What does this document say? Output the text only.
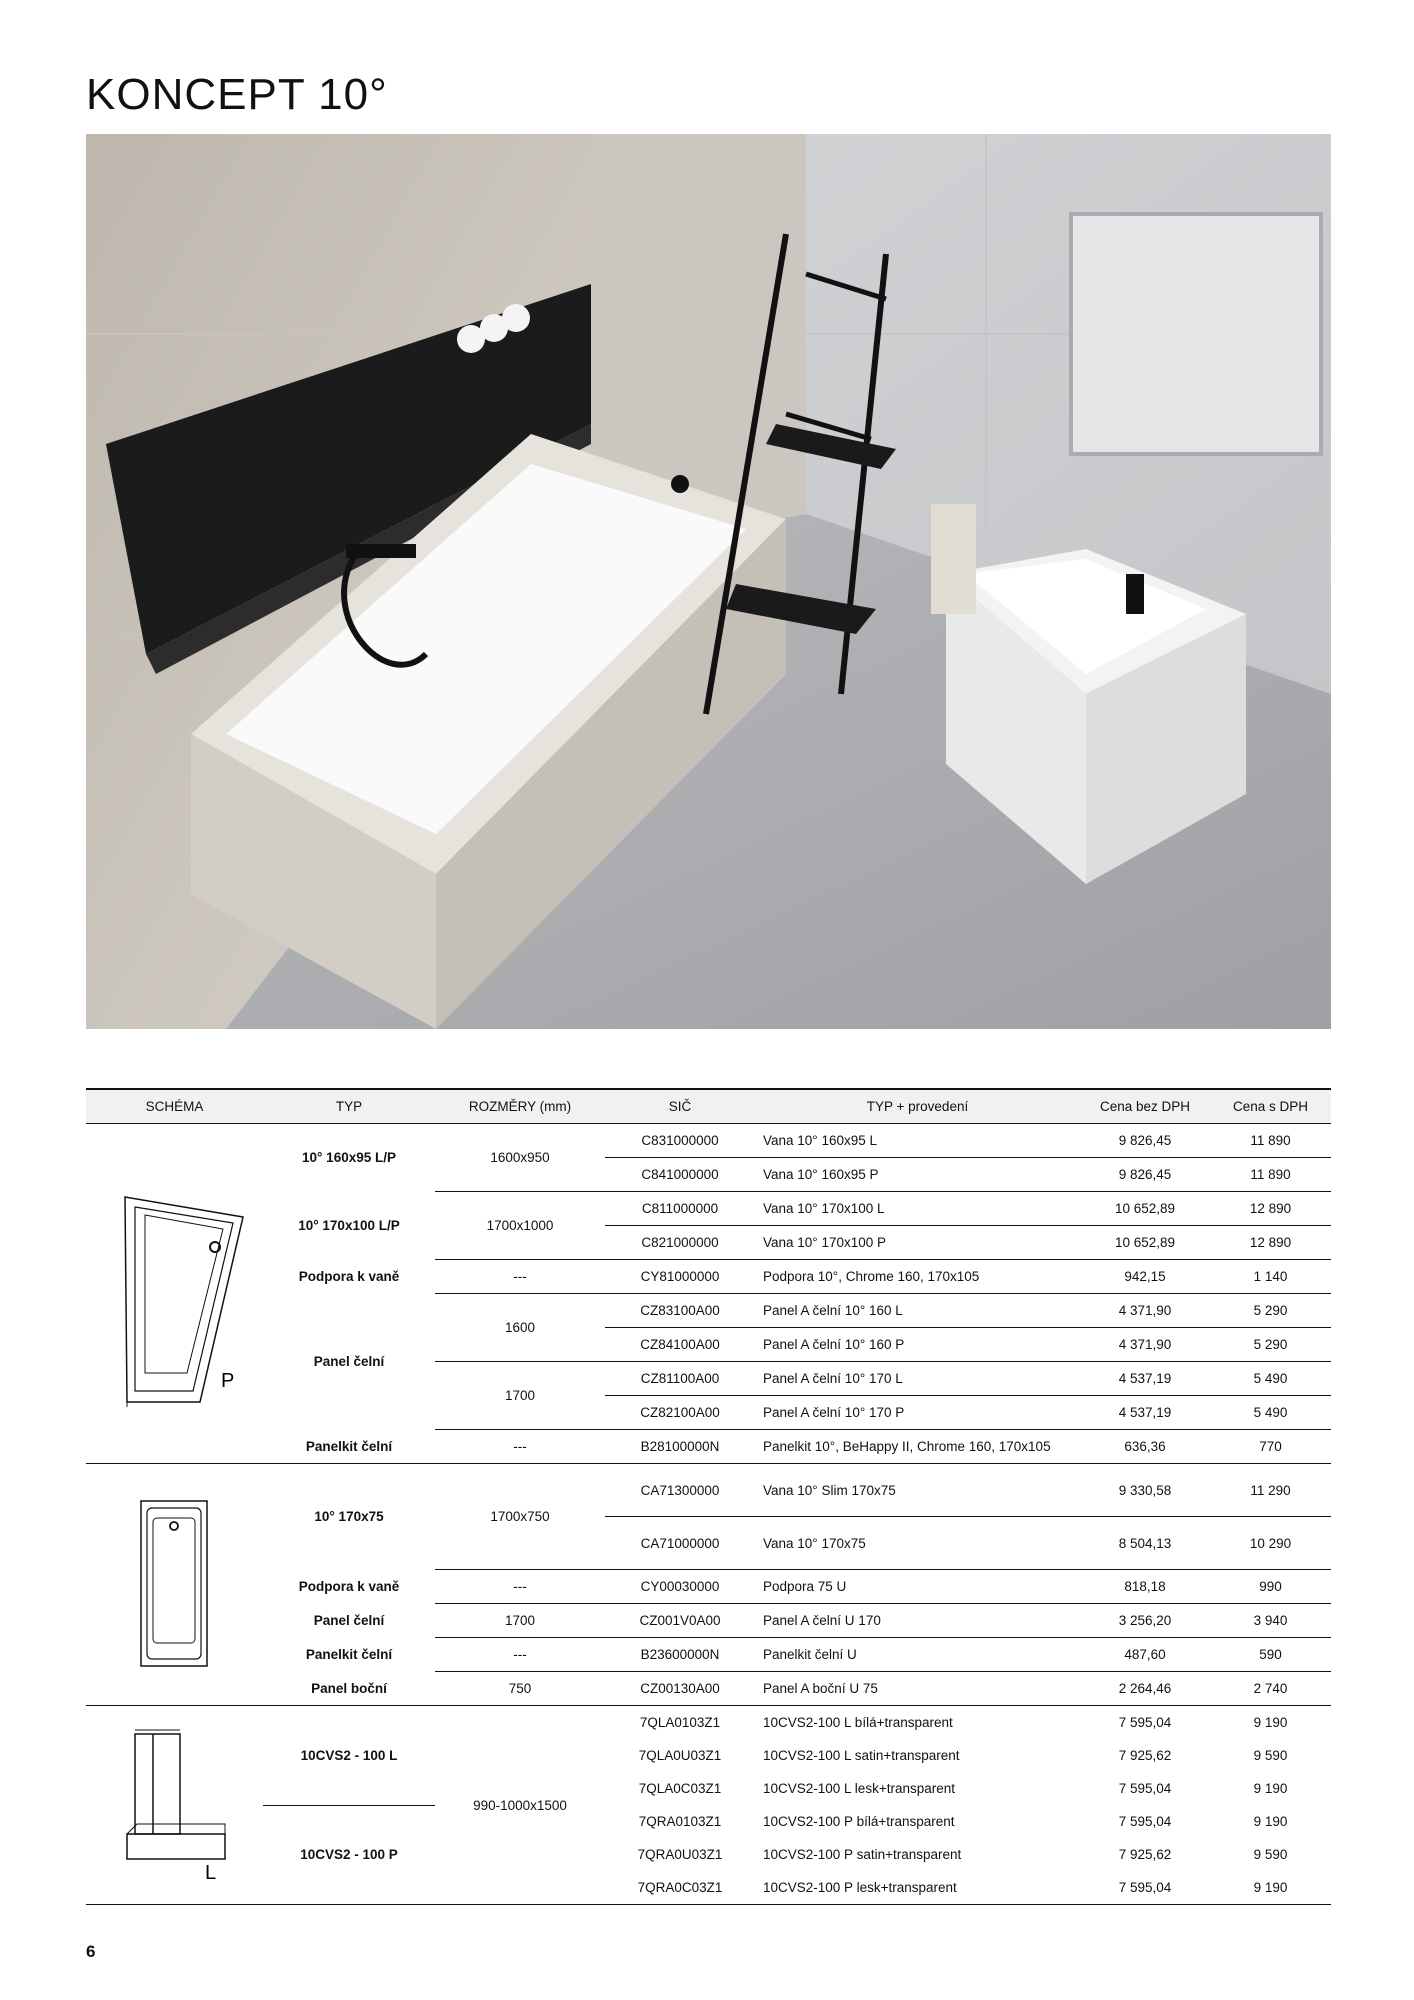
KONCEPT 10°
SCHÉMA	TYP	ROZMĚRY (mm)	SIČ	TYP + provedení	Cena bez DPH	Cena s DPH

P	10° 160x95 L/P	1600x950	C831000000	Vana 10° 160x95 L	9 826,45	11 890
			C841000000	Vana 10° 160x95 P	9 826,45	11 890
	10° 170x100 L/P	1700x1000	C811000000	Vana 10° 170x100 L	10 652,89	12 890
			C821000000	Vana 10° 170x100 P	10 652,89	12 890
	Podpora k vaně	---	CY81000000	Podpora 10°, Chrome 160, 170x105	942,15	1 140
	Panel čelní	1600	CZ83100A00	Panel A čelní 10° 160 L	4 371,90	5 290
			CZ84100A00	Panel A čelní 10° 160 P	4 371,90	5 290
		1700	CZ81100A00	Panel A čelní 10° 170 L	4 537,19	5 490
			CZ82100A00	Panel A čelní 10° 170 P	4 537,19	5 490
	Panelkit čelní	---	B28100000N	Panelkit 10°, BeHappy II, Chrome 160, 170x105	636,36	770
	10° 170x75	1700x750	CA71300000	Vana 10° Slim 170x75	9 330,58	11 290
			CA71000000	Vana 10° 170x75	8 504,13	10 290
	Podpora k vaně	---	CY00030000	Podpora 75 U	818,18	990
	Panel čelní	1700	CZ001V0A00	Panel A čelní U 170	3 256,20	3 940
	Panelkit čelní	---	B23600000N	Panelkit čelní U	487,60	590
	Panel boční	750	CZ00130A00	Panel A boční U 75	2 264,46	2 740

L	10CVS2 - 100 L	990-1000x1500	7QLA0103Z1	10CVS2-100 L bílá+transparent	7 595,04	9 190
			7QLA0U03Z1	10CVS2-100 L satin+transparent	7 925,62	9 590
			7QLA0C03Z1	10CVS2-100 L lesk+transparent	7 595,04	9 190
	10CVS2 - 100 P		7QRA0103Z1	10CVS2-100 P bílá+transparent	7 595,04	9 190
			7QRA0U03Z1	10CVS2-100 P satin+transparent	7 925,62	9 590
			7QRA0C03Z1	10CVS2-100 P lesk+transparent	7 595,04	9 190
6
